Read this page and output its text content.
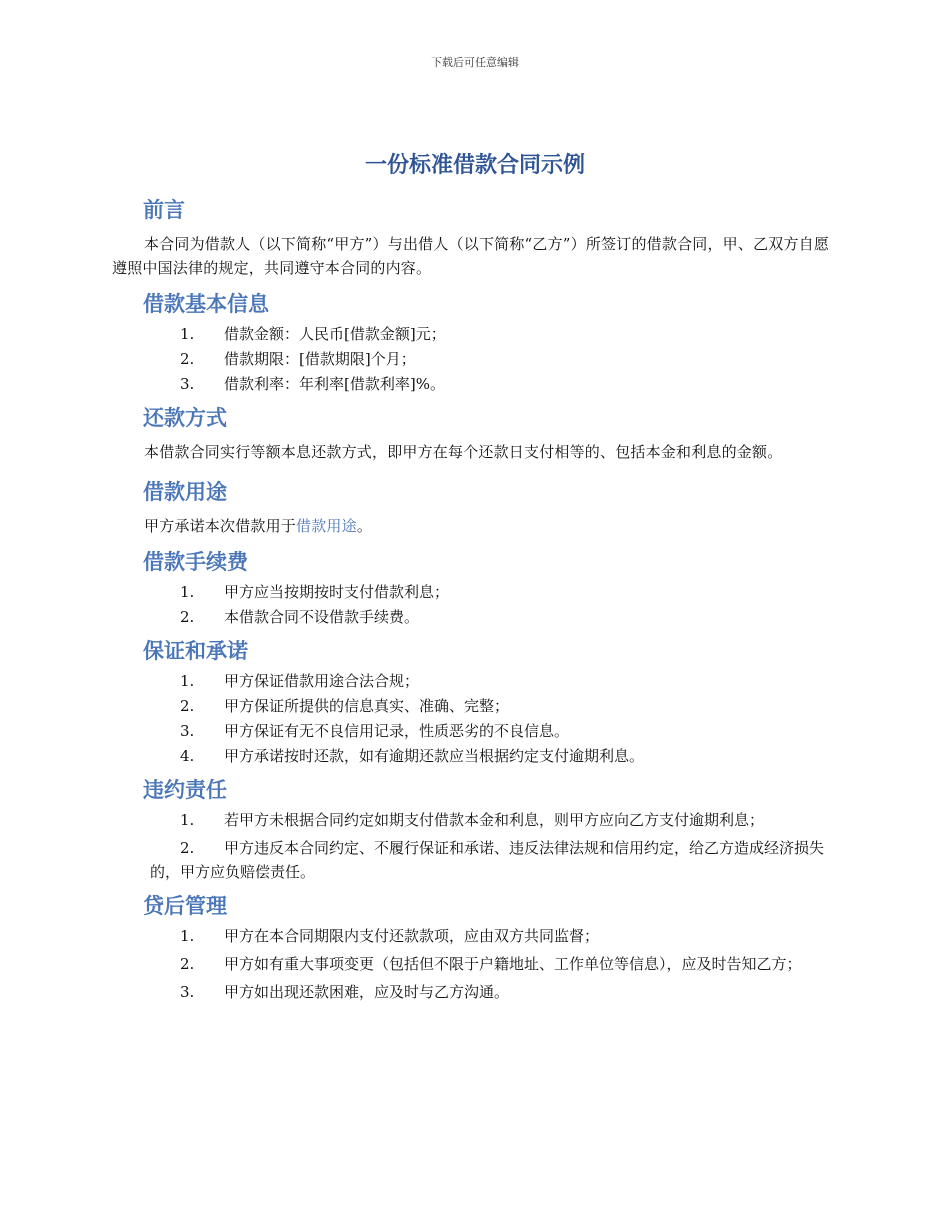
下载后可任意编辑
一份标准借款合同示例
前言

本合同为借款人（以下简称“甲方”）与出借人（以下简称“乙方”）所签订的借款合同，甲、乙双方自愿遵照中国法律的规定，共同遵守本合同的内容。

借款基本信息
1.	借款金额：人民币[借款金额]元；
2.	借款期限：[借款期限]个月；
3.	借款利率：年利率[借款利率]%。
还款方式

本借款合同实行等额本息还款方式，即甲方在每个还款日支付相等的、包括本金和利息的金额。

借款用途

甲方承诺本次借款用于借款用途。

借款手续费
1.	甲方应当按期按时支付借款利息；
2.	本借款合同不设借款手续费。
保证和承诺
1.	甲方保证借款用途合法合规；
2.	甲方保证所提供的信息真实、准确、完整；
3.	甲方保证有无不良信用记录，性质恶劣的不良信息。
4.	甲方承诺按时还款，如有逾期还款应当根据约定支付逾期利息。
违约责任
1. 若甲方未根据合同约定如期支付借款本金和利息，则甲方应向乙方支付逾期利息；
2. 甲方违反本合同约定、不履行保证和承诺、违反法律法规和信用约定，给乙方造成经济损失的，甲方应负赔偿责任。
贷后管理
1.	甲方在本合同期限内支付还款款项，应由双方共同监督；
2. 甲方如有重大事项变更（包括但不限于户籍地址、工作单位等信息），应及时告知乙方；
3.	甲方如出现还款困难，应及时与乙方沟通。
